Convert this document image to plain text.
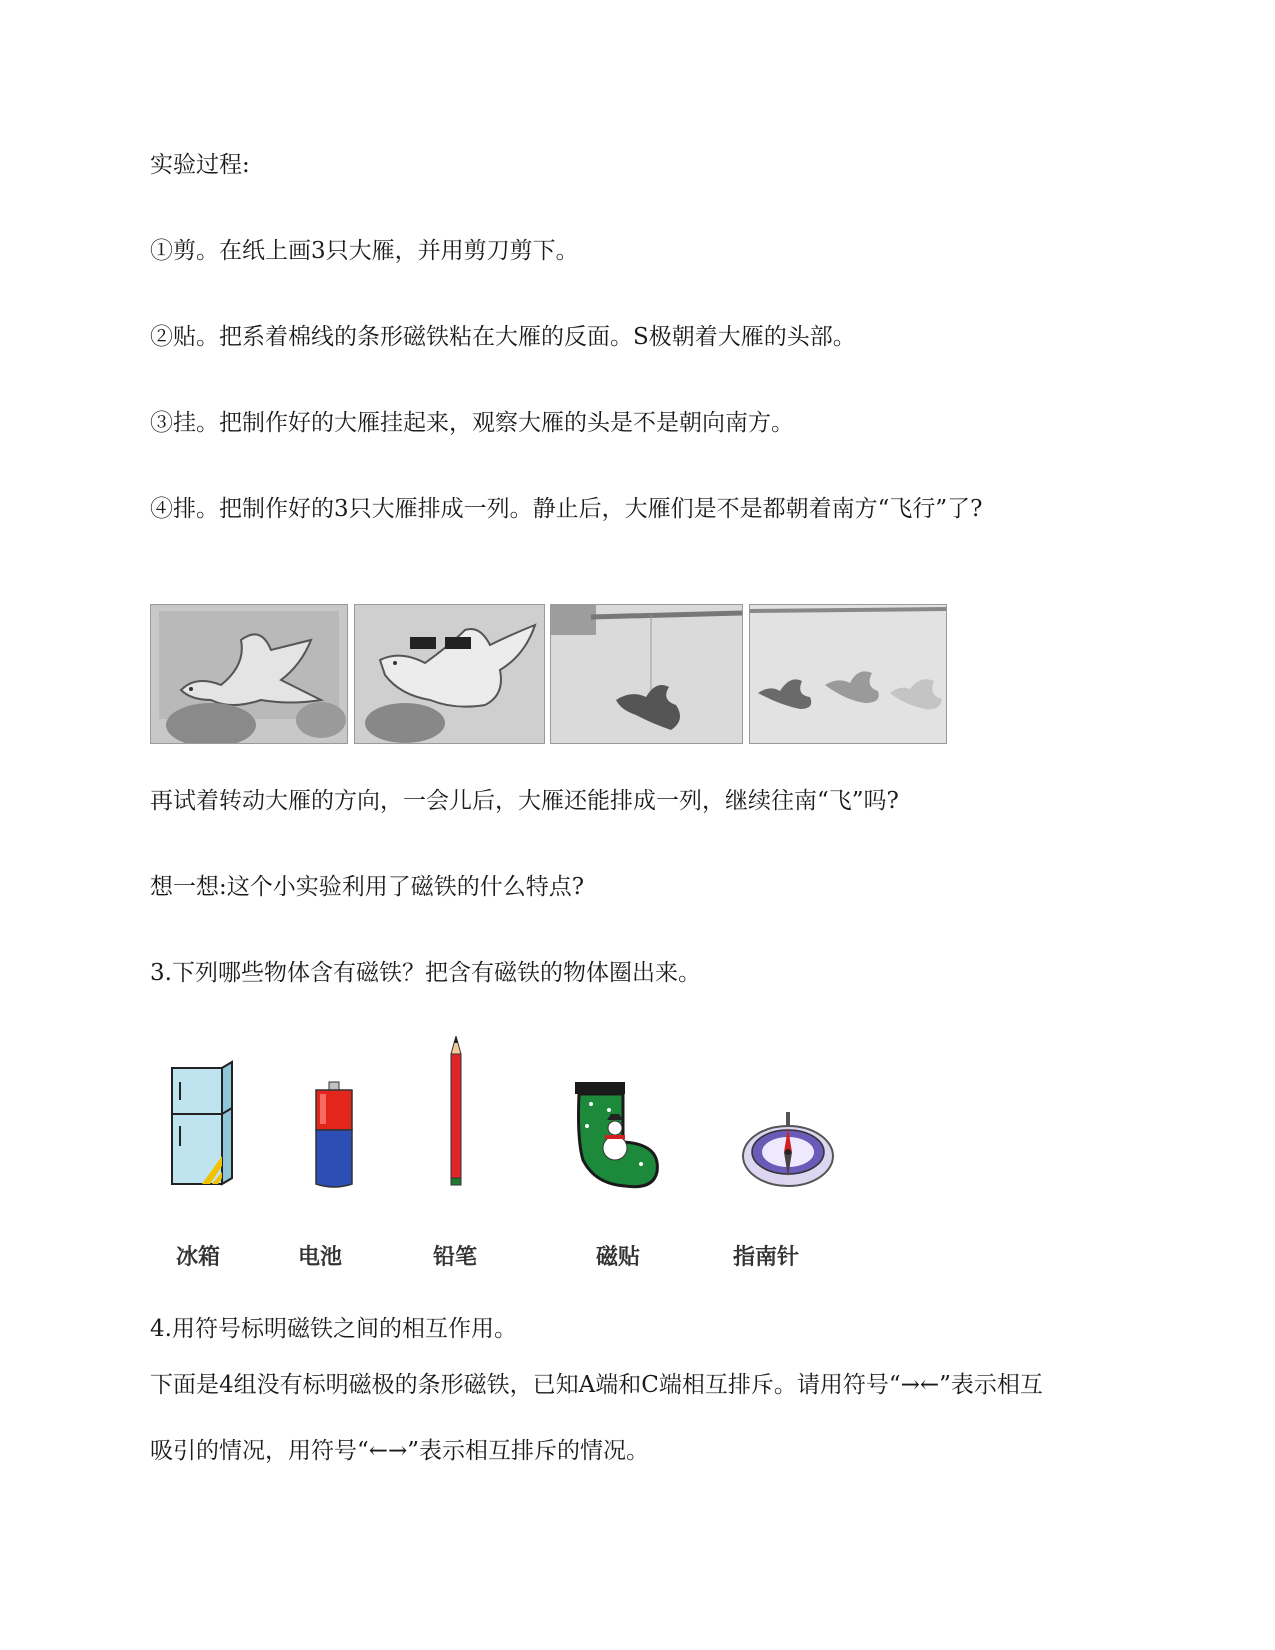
实验过程:
①剪。在纸上画3只大雁，并用剪刀剪下。
②贴。把系着棉线的条形磁铁粘在大雁的反面。S极朝着大雁的头部。
③挂。把制作好的大雁挂起来，观察大雁的头是不是朝向南方。
④排。把制作好的3只大雁排成一列。静止后，大雁们是不是都朝着南方“飞行”了?
再试着转动大雁的方向，一会儿后，大雁还能排成一列，继续往南“飞”吗?
想一想:这个小实验利用了磁铁的什么特点?
3.下列哪些物体含有磁铁？把含有磁铁的物体圈出来。
冰箱	电池	铅笔	磁贴	指南针
4.用符号标明磁铁之间的相互作用。
下面是4组没有标明磁极的条形磁铁，已知A端和C端相互排斥。请用符号“→←”表示相互
吸引的情况，用符号“←→”表示相互排斥的情况。
